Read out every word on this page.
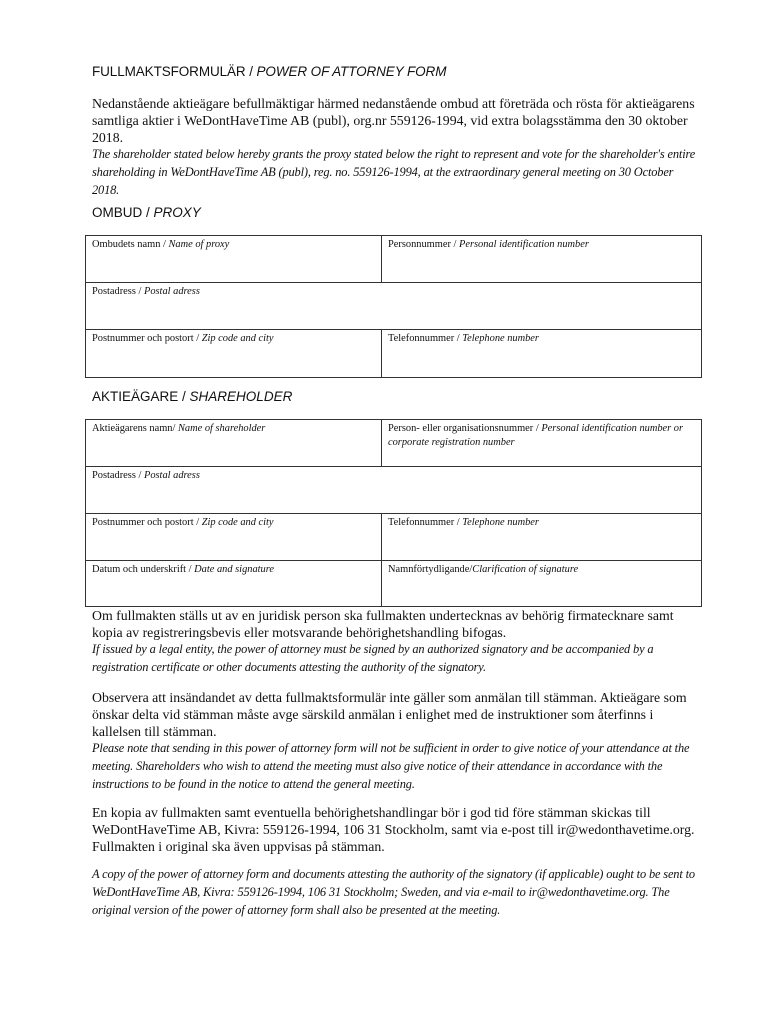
FULLMAKTSFORMULÄR / POWER OF ATTORNEY FORM
Nedanstående aktieägare befullmäktigar härmed nedanstående ombud att företräda och rösta för aktieägarens samtliga aktier i WeDontHaveTime AB (publ), org.nr 559126-1994, vid extra bolagsstämma den 30 oktober 2018.
The shareholder stated below hereby grants the proxy stated below the right to represent and vote for the shareholder's entire shareholding in WeDontHaveTime AB (publ), reg. no. 559126-1994, at the extraordinary general meeting on 30 October 2018.
OMBUD / PROXY
Ombudets namn / Name of proxy	Personnummer / Personal identification number
Postadress / Postal adress	
Postnummer och postort / Zip code and city	Telefonnummer / Telephone number
AKTIEÄGARE / SHAREHOLDER
Aktieägarens namn/ Name of shareholder	Person- eller organisationsnummer / Personal identification number or corporate registration number
Postadress / Postal adress	
Postnummer och postort / Zip code and city	Telefonnummer / Telephone number
Datum och underskrift / Date and signature	Namnförtydligande/Clarification of signature
Om fullmakten ställs ut av en juridisk person ska fullmakten undertecknas av behörig firmatecknare samt kopia av registreringsbevis eller motsvarande behörighetshandling bifogas.
If issued by a legal entity, the power of attorney must be signed by an authorized signatory and be accompanied by a registration certificate or other documents attesting the authority of the signatory.
Observera att insändandet av detta fullmaktsformulär inte gäller som anmälan till stämman. Aktieägare som önskar delta vid stämman måste avge särskild anmälan i enlighet med de instruktioner som återfinns i kallelsen till stämman.
Please note that sending in this power of attorney form will not be sufficient in order to give notice of your attendance at the meeting. Shareholders who wish to attend the meeting must also give notice of their attendance in accordance with the instructions to be found in the notice to attend the general meeting.
En kopia av fullmakten samt eventuella behörighetshandlingar bör i god tid före stämman skickas till WeDontHaveTime AB, Kivra: 559126-1994, 106 31 Stockholm, samt via e-post till ir@wedonthavetime.org. Fullmakten i original ska även uppvisas på stämman.
A copy of the power of attorney form and documents attesting the authority of the signatory (if applicable) ought to be sent to WeDontHaveTime AB, Kivra: 559126-1994, 106 31 Stockholm; Sweden, and via e-mail to ir@wedonthavetime.org. The original version of the power of attorney form shall also be presented at the meeting.
